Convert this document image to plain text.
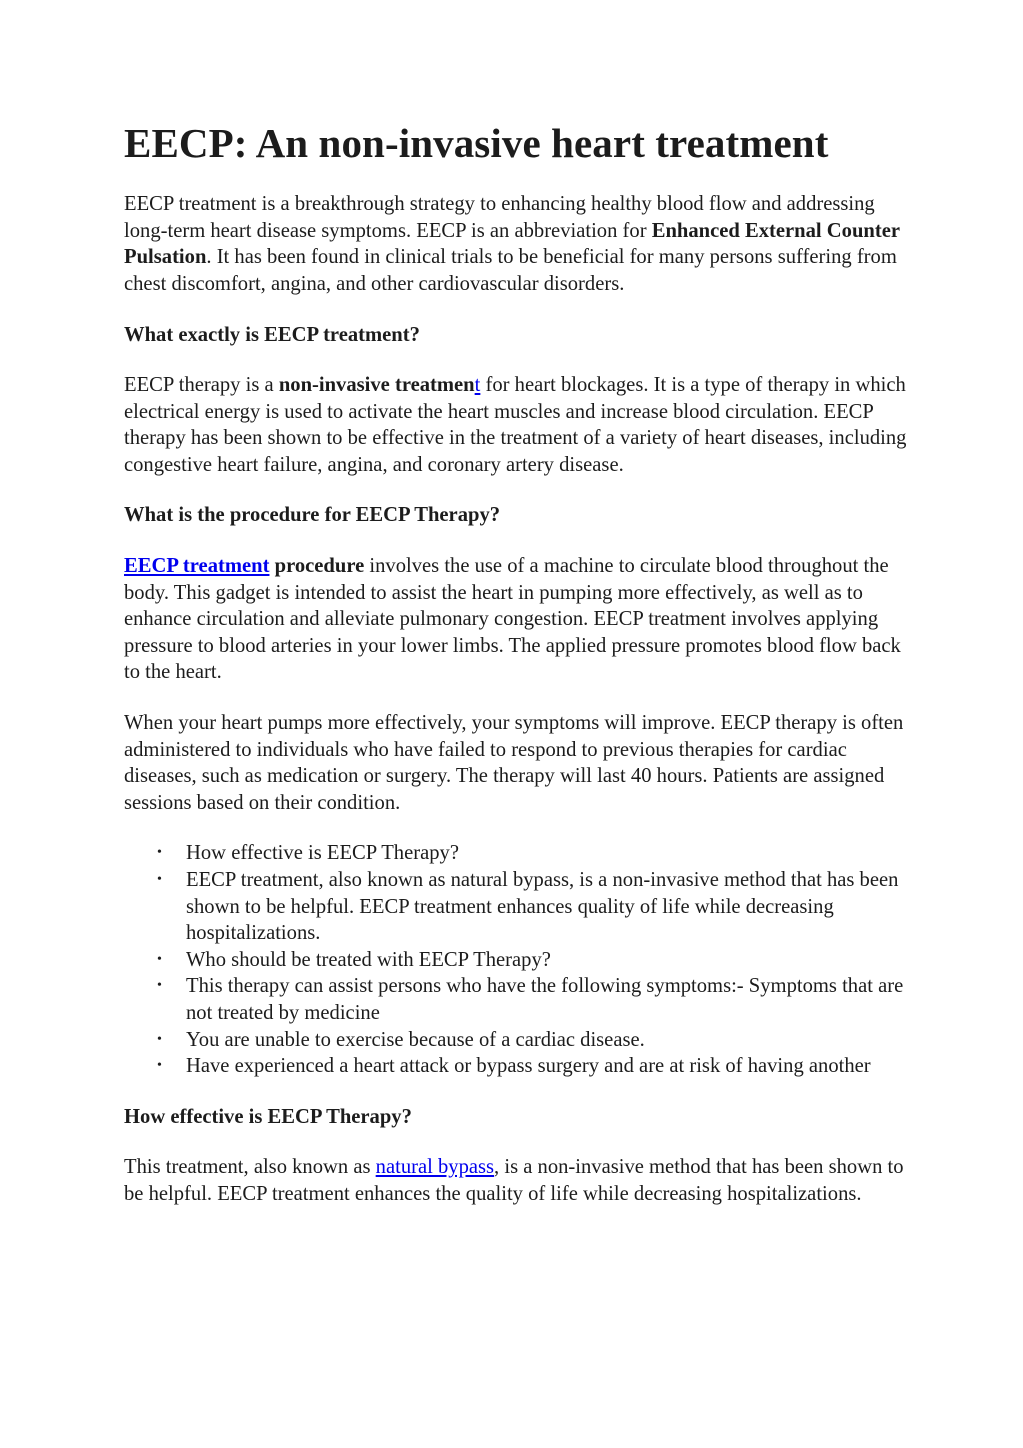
EECP: An non-invasive heart treatment

EECP treatment is a breakthrough strategy to enhancing healthy blood flow and addressing long-term heart disease symptoms. EECP is an abbreviation for Enhanced External Counter Pulsation. It has been found in clinical trials to be beneficial for many persons suffering from chest discomfort, angina, and other cardiovascular disorders.

What exactly is EECP treatment?

EECP therapy is a non-invasive treatment for heart blockages. It is a type of therapy in which electrical energy is used to activate the heart muscles and increase blood circulation. EECP therapy has been shown to be effective in the treatment of a variety of heart diseases, including congestive heart failure, angina, and coronary artery disease.

What is the procedure for EECP Therapy?

EECP treatment procedure involves the use of a machine to circulate blood throughout the body. This gadget is intended to assist the heart in pumping more effectively, as well as to enhance circulation and alleviate pulmonary congestion. EECP treatment involves applying pressure to blood arteries in your lower limbs. The applied pressure promotes blood flow back to the heart.

When your heart pumps more effectively, your symptoms will improve. EECP therapy is often administered to individuals who have failed to respond to previous therapies for cardiac diseases, such as medication or surgery. The therapy will last 40 hours. Patients are assigned sessions based on their condition.

• How effective is EECP Therapy?
• EECP treatment, also known as natural bypass, is a non-invasive method that has been shown to be helpful. EECP treatment enhances quality of life while decreasing hospitalizations.
• Who should be treated with EECP Therapy?
• This therapy can assist persons who have the following symptoms:- Symptoms that are not treated by medicine
• You are unable to exercise because of a cardiac disease.
• Have experienced a heart attack or bypass surgery and are at risk of having another
How effective is EECP Therapy?

This treatment, also known as natural bypass, is a non-invasive method that has been shown to be helpful. EECP treatment enhances the quality of life while decreasing hospitalizations.
